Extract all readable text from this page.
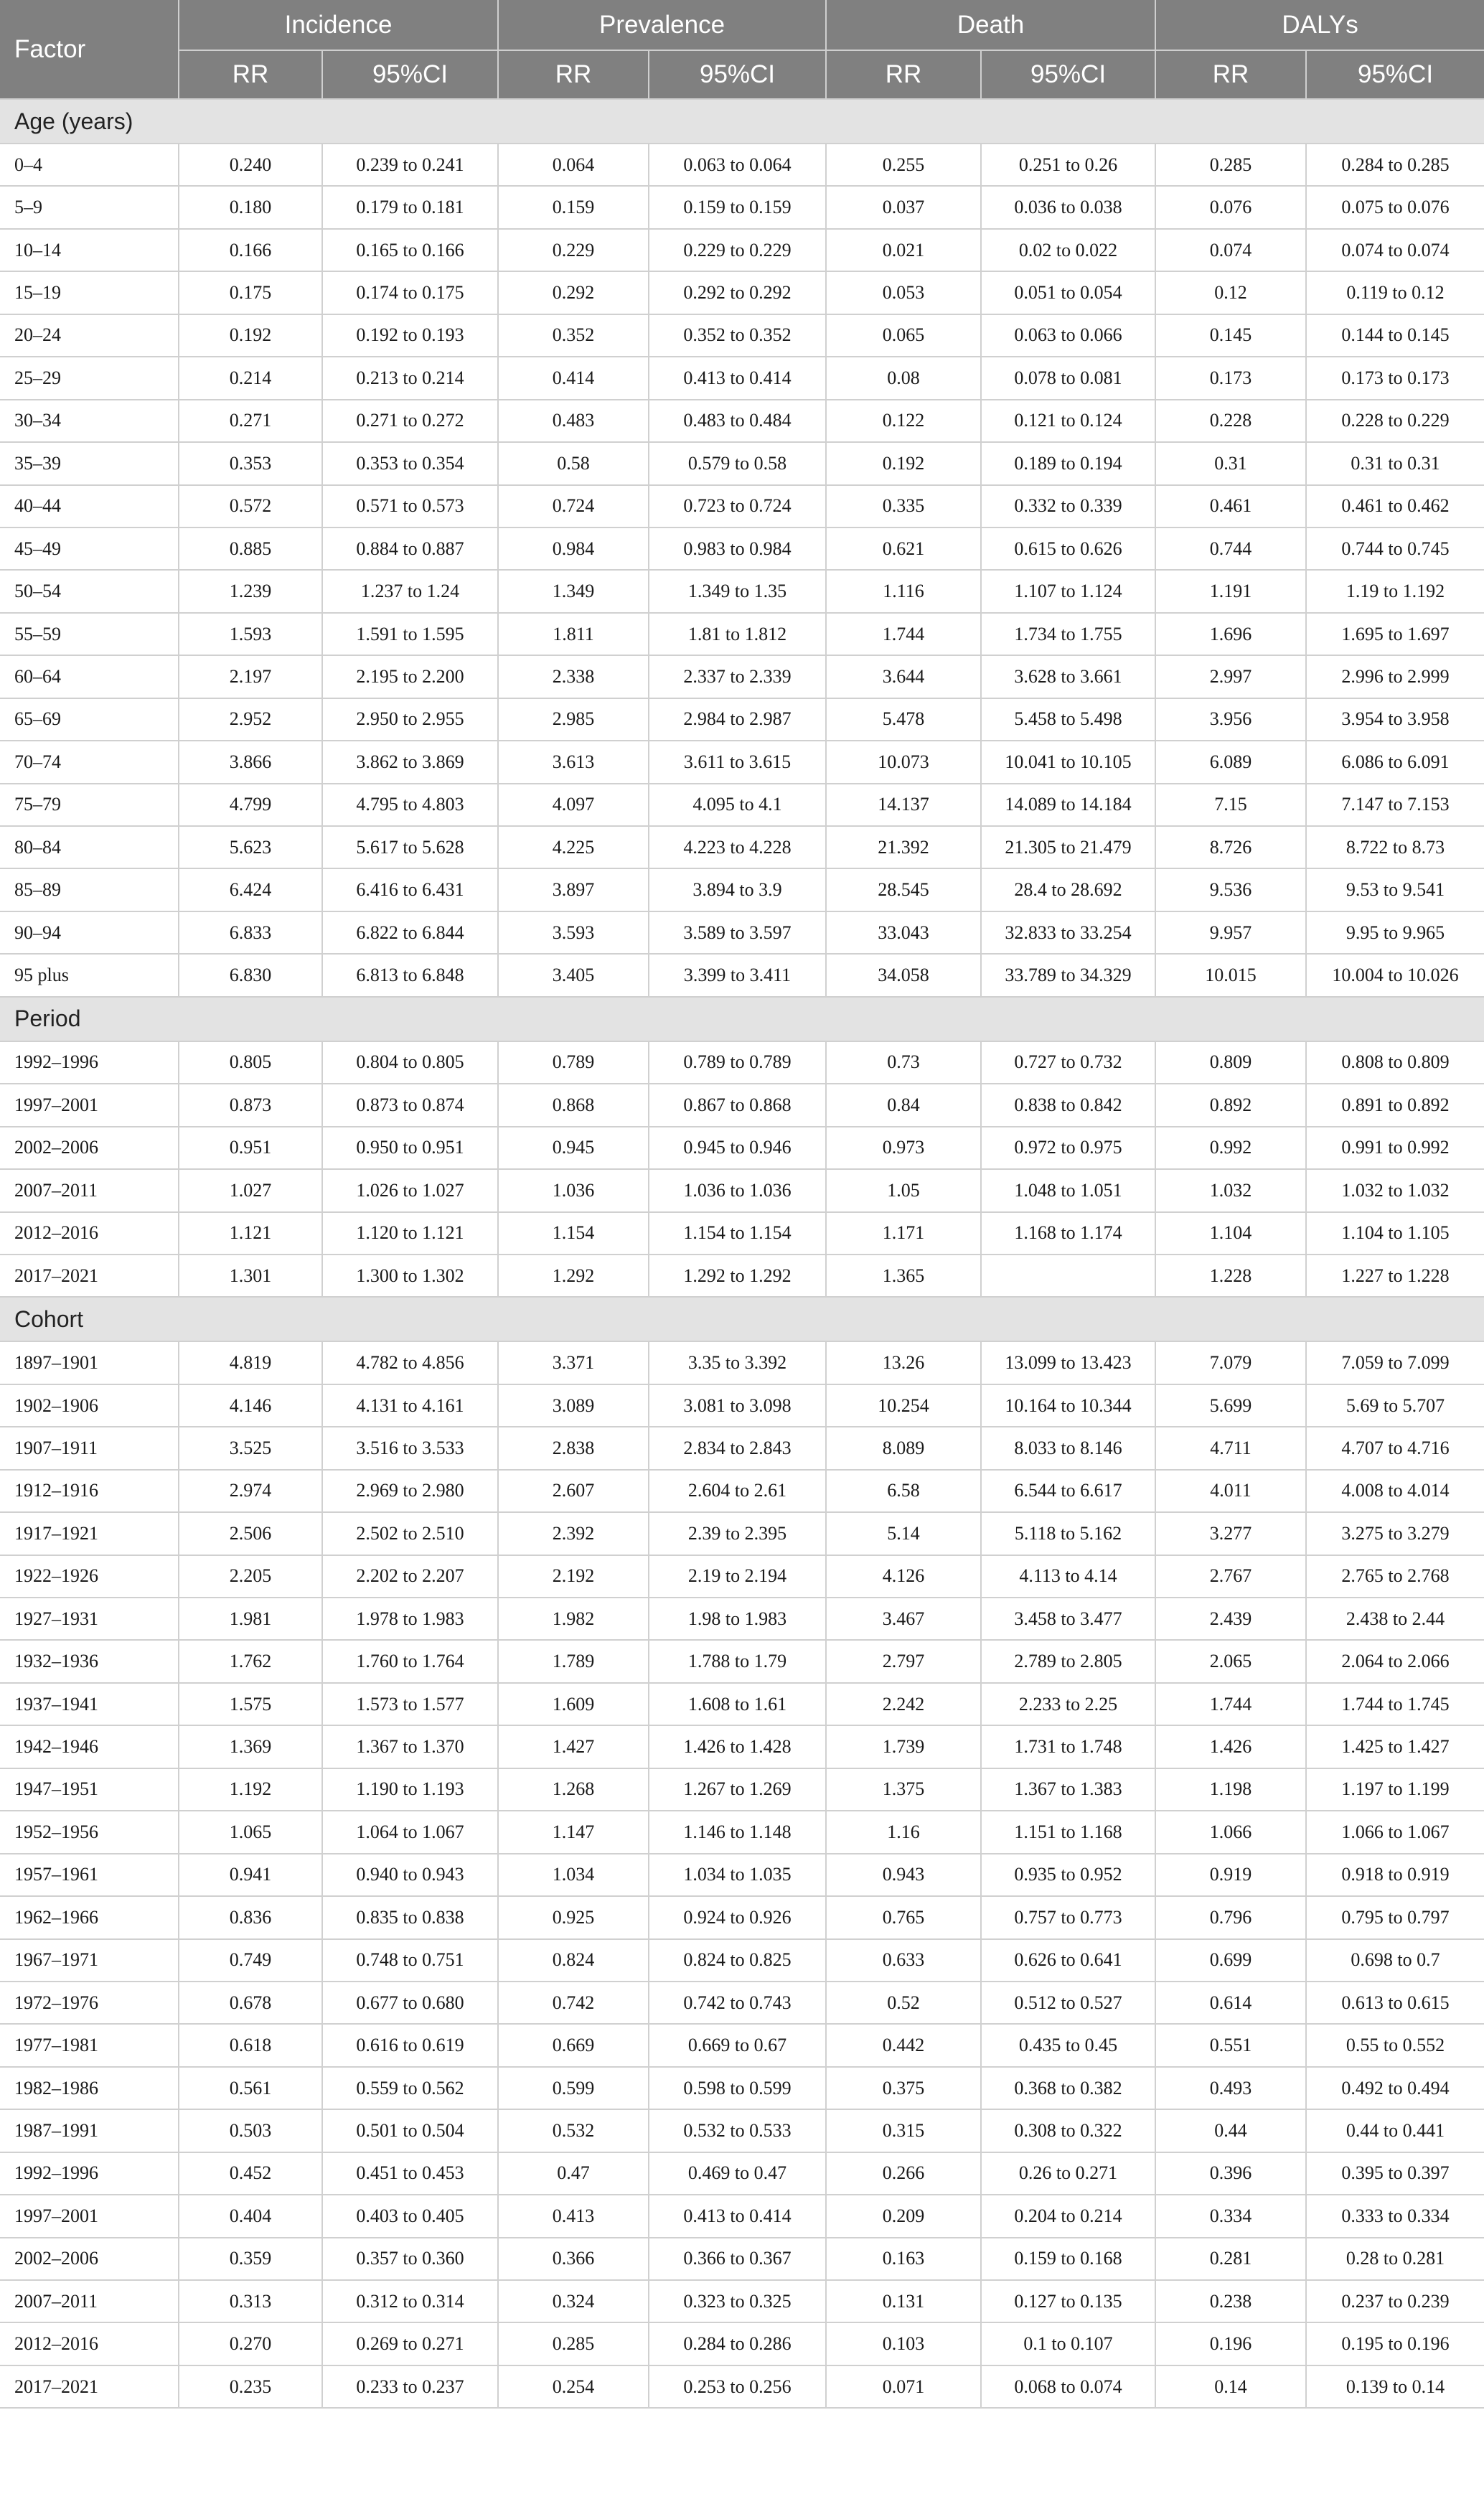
Factor	Incidence		Prevalence		Death		DALYs	
	RR	95%CI	RR	95%CI	RR	95%CI	RR	95%CI
Age (years)								
0–4	0.240	0.239 to 0.241	0.064	0.063 to 0.064	0.255	0.251 to 0.26	0.285	0.284 to 0.285
5–9	0.180	0.179 to 0.181	0.159	0.159 to 0.159	0.037	0.036 to 0.038	0.076	0.075 to 0.076
10–14	0.166	0.165 to 0.166	0.229	0.229 to 0.229	0.021	0.02 to 0.022	0.074	0.074 to 0.074
15–19	0.175	0.174 to 0.175	0.292	0.292 to 0.292	0.053	0.051 to 0.054	0.12	0.119 to 0.12
20–24	0.192	0.192 to 0.193	0.352	0.352 to 0.352	0.065	0.063 to 0.066	0.145	0.144 to 0.145
25–29	0.214	0.213 to 0.214	0.414	0.413 to 0.414	0.08	0.078 to 0.081	0.173	0.173 to 0.173
30–34	0.271	0.271 to 0.272	0.483	0.483 to 0.484	0.122	0.121 to 0.124	0.228	0.228 to 0.229
35–39	0.353	0.353 to 0.354	0.58	0.579 to 0.58	0.192	0.189 to 0.194	0.31	0.31 to 0.31
40–44	0.572	0.571 to 0.573	0.724	0.723 to 0.724	0.335	0.332 to 0.339	0.461	0.461 to 0.462
45–49	0.885	0.884 to 0.887	0.984	0.983 to 0.984	0.621	0.615 to 0.626	0.744	0.744 to 0.745
50–54	1.239	1.237 to 1.24	1.349	1.349 to 1.35	1.116	1.107 to 1.124	1.191	1.19 to 1.192
55–59	1.593	1.591 to 1.595	1.811	1.81 to 1.812	1.744	1.734 to 1.755	1.696	1.695 to 1.697
60–64	2.197	2.195 to 2.200	2.338	2.337 to 2.339	3.644	3.628 to 3.661	2.997	2.996 to 2.999
65–69	2.952	2.950 to 2.955	2.985	2.984 to 2.987	5.478	5.458 to 5.498	3.956	3.954 to 3.958
70–74	3.866	3.862 to 3.869	3.613	3.611 to 3.615	10.073	10.041 to 10.105	6.089	6.086 to 6.091
75–79	4.799	4.795 to 4.803	4.097	4.095 to 4.1	14.137	14.089 to 14.184	7.15	7.147 to 7.153
80–84	5.623	5.617 to 5.628	4.225	4.223 to 4.228	21.392	21.305 to 21.479	8.726	8.722 to 8.73
85–89	6.424	6.416 to 6.431	3.897	3.894 to 3.9	28.545	28.4 to 28.692	9.536	9.53 to 9.541
90–94	6.833	6.822 to 6.844	3.593	3.589 to 3.597	33.043	32.833 to 33.254	9.957	9.95 to 9.965
95 plus	6.830	6.813 to 6.848	3.405	3.399 to 3.411	34.058	33.789 to 34.329	10.015	10.004 to 10.026
Period								
1992–1996	0.805	0.804 to 0.805	0.789	0.789 to 0.789	0.73	0.727 to 0.732	0.809	0.808 to 0.809
1997–2001	0.873	0.873 to 0.874	0.868	0.867 to 0.868	0.84	0.838 to 0.842	0.892	0.891 to 0.892
2002–2006	0.951	0.950 to 0.951	0.945	0.945 to 0.946	0.973	0.972 to 0.975	0.992	0.991 to 0.992
2007–2011	1.027	1.026 to 1.027	1.036	1.036 to 1.036	1.05	1.048 to 1.051	1.032	1.032 to 1.032
2012–2016	1.121	1.120 to 1.121	1.154	1.154 to 1.154	1.171	1.168 to 1.174	1.104	1.104 to 1.105
2017–2021	1.301	1.300 to 1.302	1.292	1.292 to 1.292	1.365		1.228	1.227 to 1.228
Cohort								
1897–1901	4.819	4.782 to 4.856	3.371	3.35 to 3.392	13.26	13.099 to 13.423	7.079	7.059 to 7.099
1902–1906	4.146	4.131 to 4.161	3.089	3.081 to 3.098	10.254	10.164 to 10.344	5.699	5.69 to 5.707
1907–1911	3.525	3.516 to 3.533	2.838	2.834 to 2.843	8.089	8.033 to 8.146	4.711	4.707 to 4.716
1912–1916	2.974	2.969 to 2.980	2.607	2.604 to 2.61	6.58	6.544 to 6.617	4.011	4.008 to 4.014
1917–1921	2.506	2.502 to 2.510	2.392	2.39 to 2.395	5.14	5.118 to 5.162	3.277	3.275 to 3.279
1922–1926	2.205	2.202 to 2.207	2.192	2.19 to 2.194	4.126	4.113 to 4.14	2.767	2.765 to 2.768
1927–1931	1.981	1.978 to 1.983	1.982	1.98 to 1.983	3.467	3.458 to 3.477	2.439	2.438 to 2.44
1932–1936	1.762	1.760 to 1.764	1.789	1.788 to 1.79	2.797	2.789 to 2.805	2.065	2.064 to 2.066
1937–1941	1.575	1.573 to 1.577	1.609	1.608 to 1.61	2.242	2.233 to 2.25	1.744	1.744 to 1.745
1942–1946	1.369	1.367 to 1.370	1.427	1.426 to 1.428	1.739	1.731 to 1.748	1.426	1.425 to 1.427
1947–1951	1.192	1.190 to 1.193	1.268	1.267 to 1.269	1.375	1.367 to 1.383	1.198	1.197 to 1.199
1952–1956	1.065	1.064 to 1.067	1.147	1.146 to 1.148	1.16	1.151 to 1.168	1.066	1.066 to 1.067
1957–1961	0.941	0.940 to 0.943	1.034	1.034 to 1.035	0.943	0.935 to 0.952	0.919	0.918 to 0.919
1962–1966	0.836	0.835 to 0.838	0.925	0.924 to 0.926	0.765	0.757 to 0.773	0.796	0.795 to 0.797
1967–1971	0.749	0.748 to 0.751	0.824	0.824 to 0.825	0.633	0.626 to 0.641	0.699	0.698 to 0.7
1972–1976	0.678	0.677 to 0.680	0.742	0.742 to 0.743	0.52	0.512 to 0.527	0.614	0.613 to 0.615
1977–1981	0.618	0.616 to 0.619	0.669	0.669 to 0.67	0.442	0.435 to 0.45	0.551	0.55 to 0.552
1982–1986	0.561	0.559 to 0.562	0.599	0.598 to 0.599	0.375	0.368 to 0.382	0.493	0.492 to 0.494
1987–1991	0.503	0.501 to 0.504	0.532	0.532 to 0.533	0.315	0.308 to 0.322	0.44	0.44 to 0.441
1992–1996	0.452	0.451 to 0.453	0.47	0.469 to 0.47	0.266	0.26 to 0.271	0.396	0.395 to 0.397
1997–2001	0.404	0.403 to 0.405	0.413	0.413 to 0.414	0.209	0.204 to 0.214	0.334	0.333 to 0.334
2002–2006	0.359	0.357 to 0.360	0.366	0.366 to 0.367	0.163	0.159 to 0.168	0.281	0.28 to 0.281
2007–2011	0.313	0.312 to 0.314	0.324	0.323 to 0.325	0.131	0.127 to 0.135	0.238	0.237 to 0.239
2012–2016	0.270	0.269 to 0.271	0.285	0.284 to 0.286	0.103	0.1 to 0.107	0.196	0.195 to 0.196
2017–2021	0.235	0.233 to 0.237	0.254	0.253 to 0.256	0.071	0.068 to 0.074	0.14	0.139 to 0.14
